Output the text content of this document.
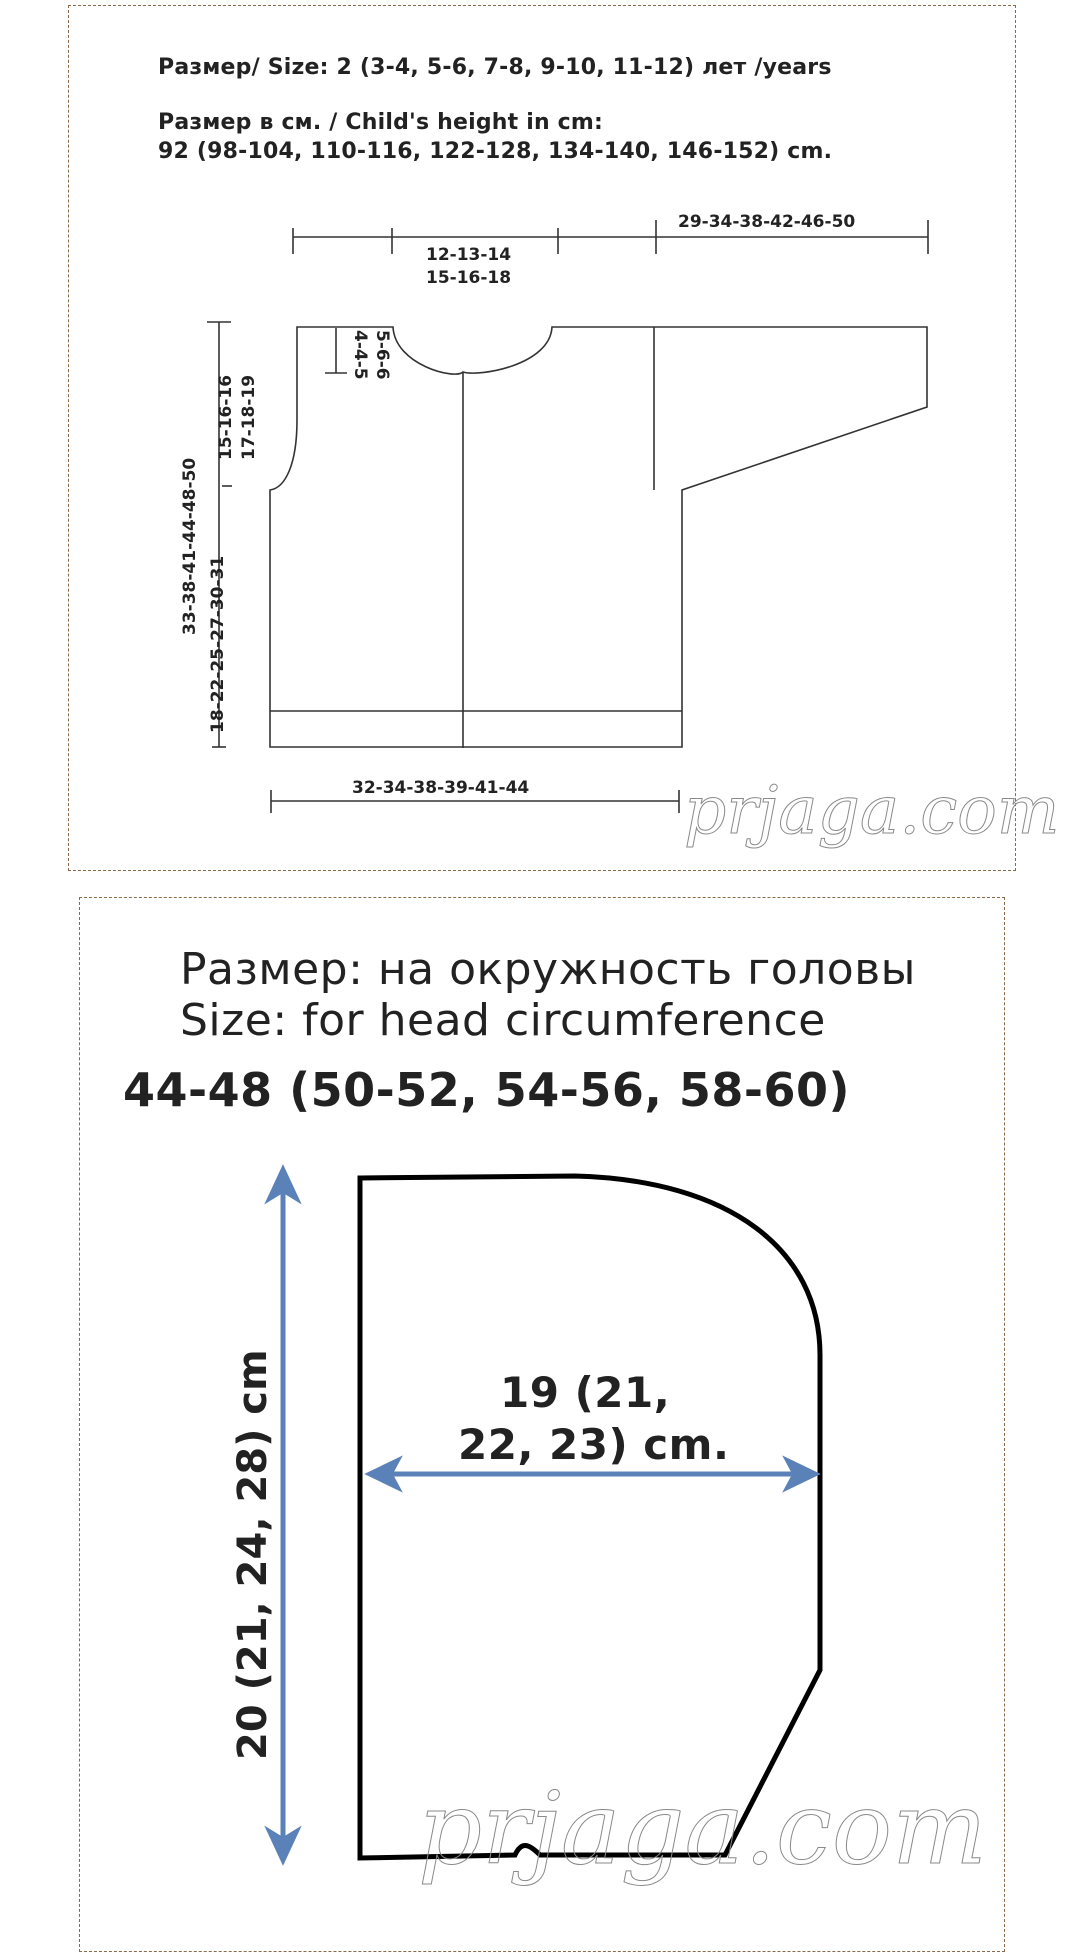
Размер/ Size: 2 (3-4, 5-6, 7-8, 9-10, 11-12) лет /years
Размер в см. / Child's height in cm:
92 (98-104, 110-116, 122-128, 134-140, 146-152) cm.
12-13-14
15-16-18
29-34-38-42-46-50
4-4-5 5-6-6
15-16-16 17-18-19
33-38-41-44-48-50
18-22-25-27-30-31
32-34-38-39-41-44 prjaga.com
Размер: на окружность головы
Size: for head circumference
44-48 (50-52, 54-56, 58-60)
19 (21,
22, 23) cm.
20 (21, 24, 28) cm
prjaga.com
